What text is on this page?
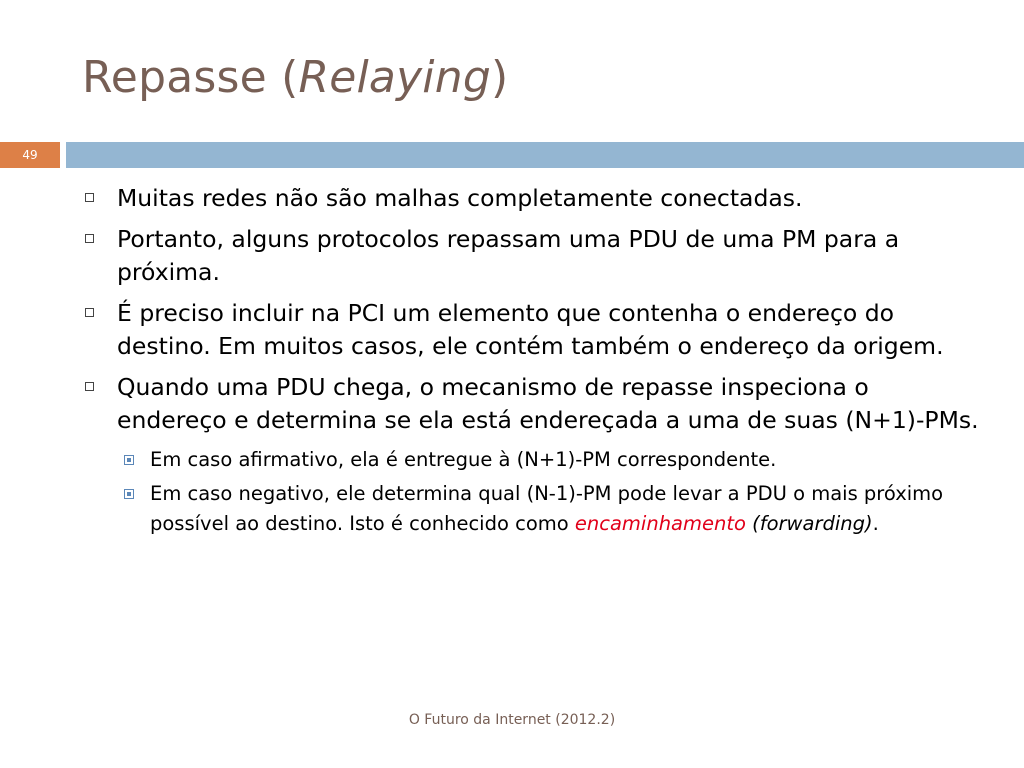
Repasse (Relaying)
49
Muitas redes não são malhas completamente conectadas.
Portanto, alguns protocolos repassam uma PDU de uma PM para a próxima.
É preciso incluir na PCI um elemento que contenha o endereço do destino. Em muitos casos, ele contém também o endereço da origem.
Quando uma PDU chega, o mecanismo de repasse inspeciona o endereço e determina se ela está endereçada a uma de suas (N+1)-PMs.
Em caso afirmativo, ela é entregue à (N+1)-PM correspondente.
Em caso negativo, ele determina qual (N-1)-PM pode levar a PDU o mais próximo possível ao destino. Isto é conhecido como encaminhamento (forwarding).
O Futuro da Internet (2012.2)
